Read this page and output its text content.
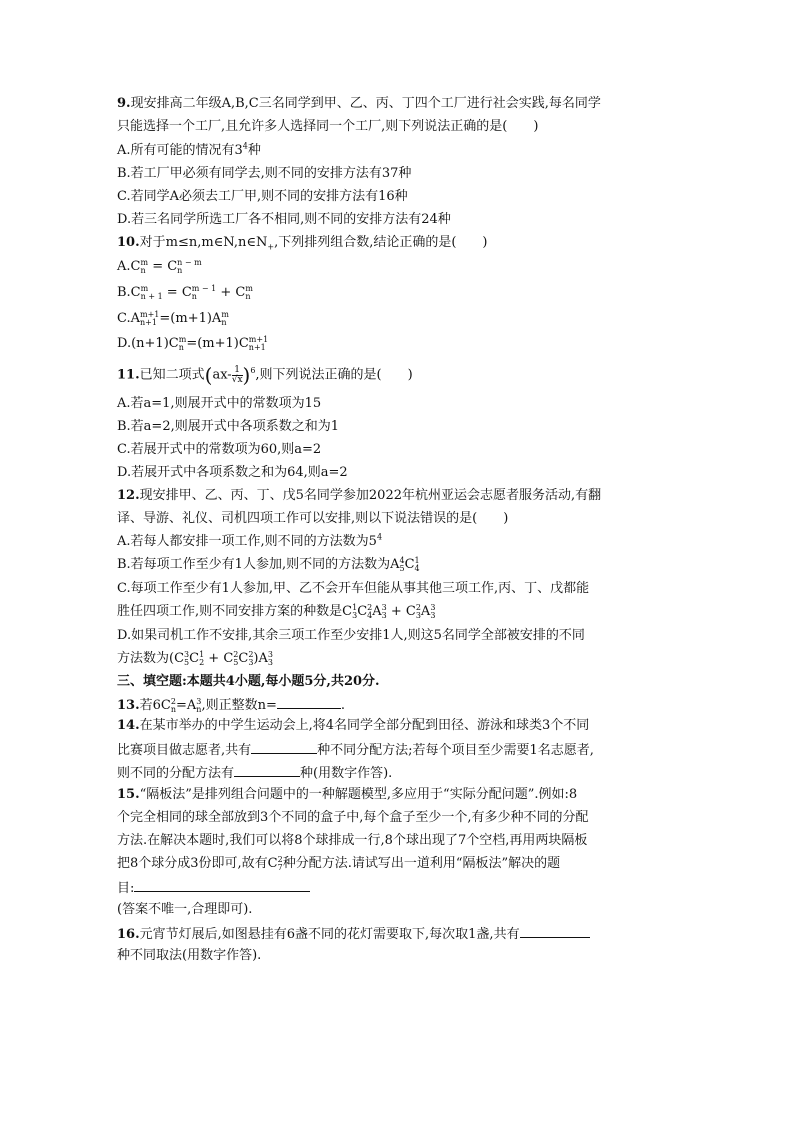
9.现安排高二年级A,B,C三名同学到甲、乙、丙、丁四个工厂进行社会实践,每名同学
只能选择一个工厂,且允许多人选择同一个工厂,则下列说法正确的是(　　)
A.所有可能的情况有$3^4$种
B.若工厂甲必须有同学去,则不同的安排方法有37种
C.若同学A必须去工厂甲,则不同的安排方法有16种
D.若三名同学所选工厂各不相同,则不同的安排方法有24种
10.对于$m\le n,m\in N,n\in N_+$,下列排列组合数,结论正确的是(　　)
A.C m
n = C n − m
n
B.C m
n + 1 = C m − 1
n	+ C m
n
C.A m+1
n+1 =(m+1)A m
n
D.(n+1)C m
n =(m+1)C m+1
n+1
11.已知二项式$(ax- \frac{1}{√x} )^6$,则下列说法正确的是(　　)
A.若a=1,则展开式中的常数项为15
B.若a=2,则展开式中各项系数之和为1
C.若展开式中的常数项为60,则a=2
D.若展开式中各项系数之和为64,则a=2
12.现安排甲、乙、丙、丁、戊5名同学参加2022年杭州亚运会志愿者服务活动,有翻
译、导游、礼仪、司机四项工作可以安排,则以下说法错误的是(　　)
A.若每人都安排一项工作,则不同的方法数为$5^4$
B.若每项工作至少有1人参加,则不同的方法数为A 4
5 C 1
4
C.每项工作至少有1人参加,甲、乙不会开车但能从事其他三项工作,丙、丁、戊都能
胜任四项工作,则不同安排方案的种数是C 1
3 C 2
4 A 3
3 + C 2
3 A 3
3
D.如果司机工作不安排,其余三项工作至少安排1人,则这5名同学全部被安排的不同
方法数为(C 3
5 C 1
2 + C 2
5 C 2
3 )A 3
3
三、填空题:本题共4小题,每小题5分,共20分.
13.若6C 2
n =A 3
n ,则正整数n=	.
14.在某市举办的中学生运动会上,将4名同学全部分配到田径、游泳和球类3个不同
比赛项目做志愿者,共有	种不同分配方法;若每个项目至少需要1名志愿者,
则不同的分配方法有	种(用数字作答).
15.“隔板法”是排列组合问题中的一种解题模型,多应用于“实际分配问题”.例如:8
个完全相同的球全部放到3个不同的盒子中,每个盒子至少一个,有多少种不同的分配
方法.在解决本题时,我们可以将8个球排成一行,8个球出现了7个空档,再用两块隔板
把8个球分成3份即可,故有C 2
7 种分配方法.请试写出一道利用“隔板法”解决的题
目:
(答案不唯一,合理即可).
16.元宵节灯展后,如图悬挂有6盏不同的花灯需要取下,每次取1盏,共有
种不同取法(用数字作答).
